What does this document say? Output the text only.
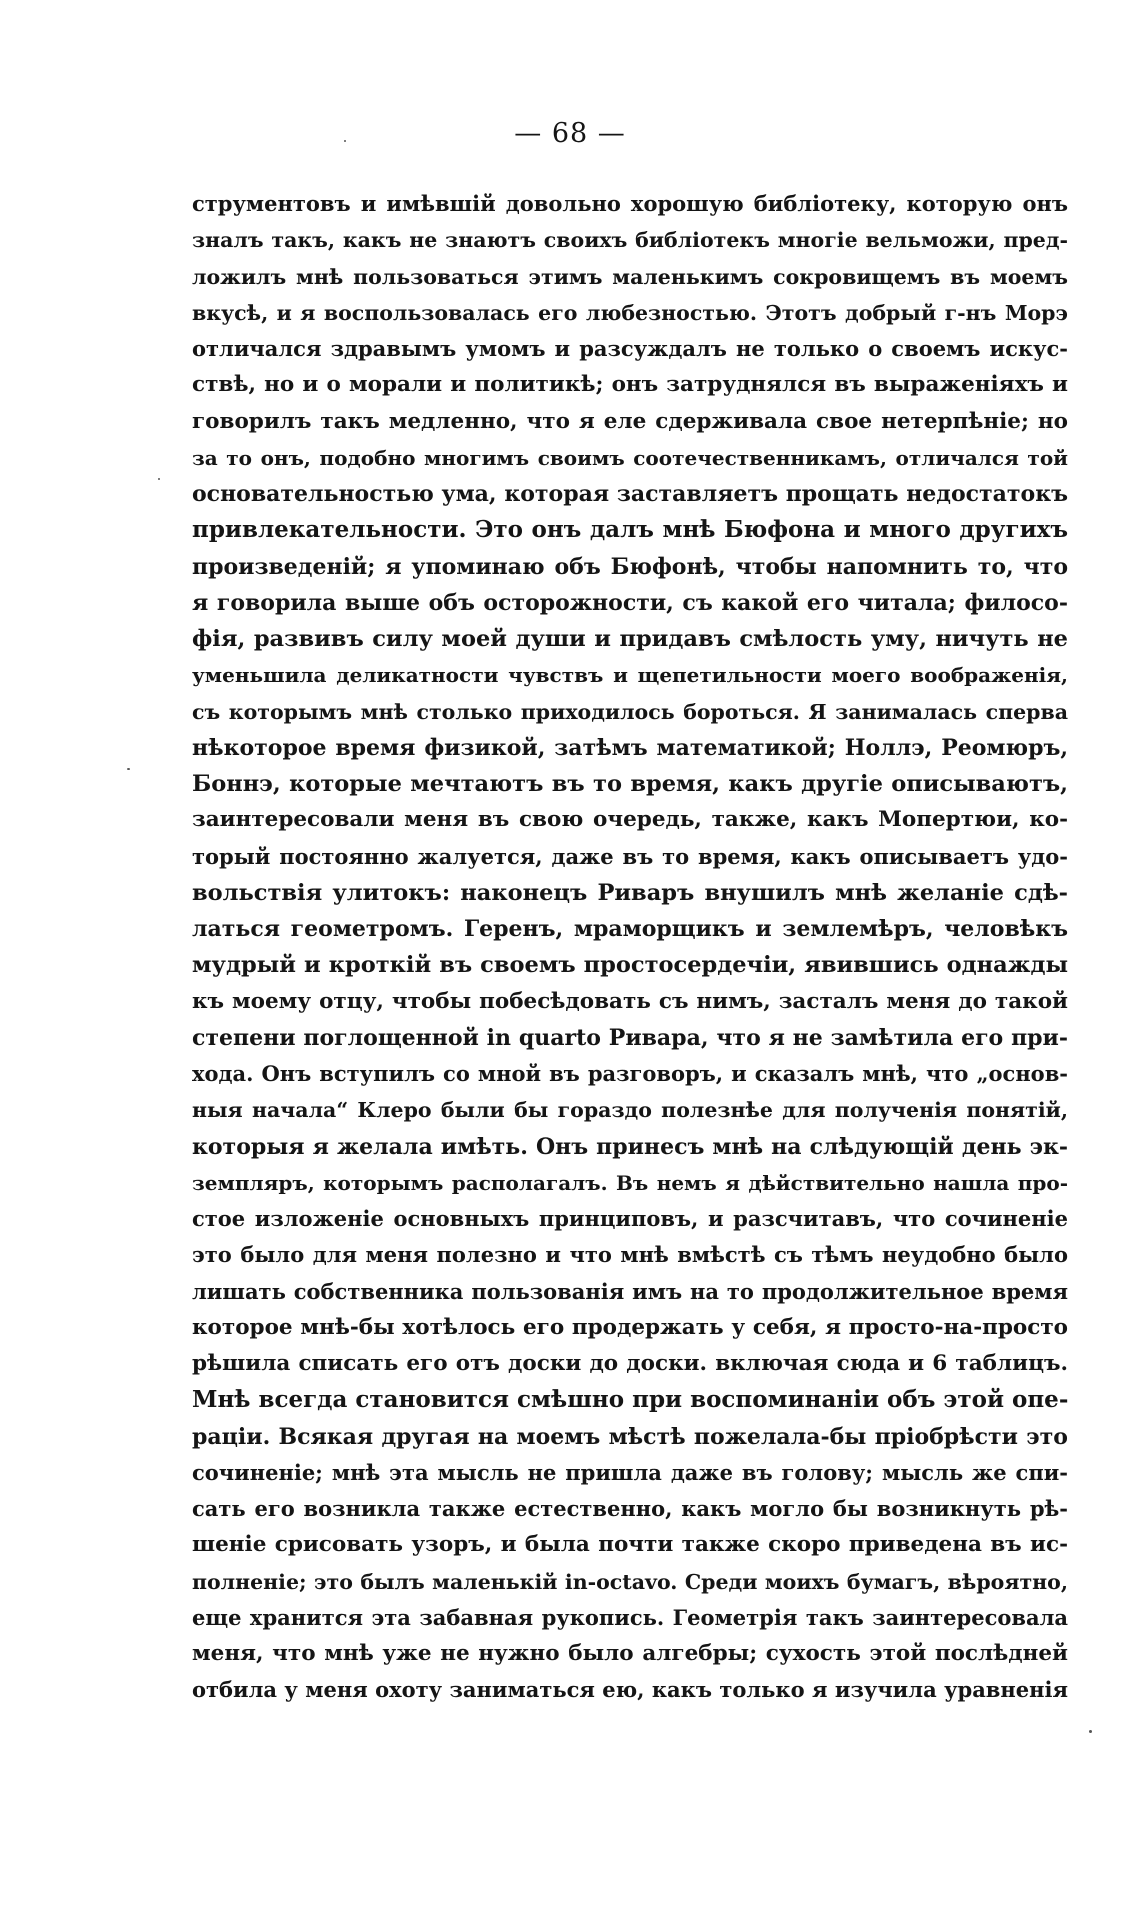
— 68 —
струментовъ и имѣвшій довольно хорошую библіотеку, которую онъ
зналъ такъ, какъ не знаютъ своихъ библіотекъ многіе вельможи, пред-
ложилъ мнѣ пользоваться этимъ маленькимъ сокровищемъ въ моемъ
вкусѣ, и я воспользовалась его любезностью. Этотъ добрый г-нъ Морэ
отличался здравымъ умомъ и разсуждалъ не только о своемъ искус-
ствѣ, но и о морали и политикѣ; онъ затруднялся въ выраженіяхъ и
говорилъ такъ медленно, что я еле сдерживала свое нетерпѣніе; но
за то онъ, подобно многимъ своимъ соотечественникамъ, отличался той
основательностью ума, которая заставляетъ прощать недостатокъ
привлекательности. Это онъ далъ мнѣ Бюфона и много другихъ
произведеній; я упоминаю объ Бюфонѣ, чтобы напомнить то, что
я говорила выше объ осторожности, съ какой его читала; филосо-
фія, развивъ силу моей души и придавъ смѣлость уму, ничуть не
уменьшила деликатности чувствъ и щепетильности моего воображенія,
съ которымъ мнѣ столько приходилось бороться. Я занималась сперва
нѣкоторое время физикой, затѣмъ математикой; Ноллэ, Реомюръ,
Боннэ, которые мечтаютъ въ то время, какъ другіе описываютъ,
заинтересовали меня въ свою очередь, также, какъ Мопертюи, ко-
торый постоянно жалуется, даже въ то время, какъ описываетъ удо-
вольствія улитокъ: наконецъ Риваръ внушилъ мнѣ желаніе сдѣ-
латься геометромъ. Геренъ, мраморщикъ и землемѣръ, человѣкъ
мудрый и кроткій въ своемъ простосердечіи, явившись однажды
къ моему отцу, чтобы побесѣдовать съ нимъ, засталъ меня до такой
степени поглощенной in quarto Ривара, что я не замѣтила его при-
хода. Онъ вступилъ со мной въ разговоръ, и сказалъ мнѣ, что „основ-
ныя начала“ Клеро были бы гораздо полезнѣе для полученія понятій,
которыя я желала имѣть. Онъ принесъ мнѣ на слѣдующій день эк-
земпляръ, которымъ располагалъ. Въ немъ я дѣйствительно нашла про-
стое изложеніе основныхъ принциповъ, и разсчитавъ, что сочиненіе
это было для меня полезно и что мнѣ вмѣстѣ съ тѣмъ неудобно было
лишать собственника пользованія имъ на то продолжительное время
которое мнѣ-бы хотѣлось его продержать у себя, я просто-на-просто
рѣшила списать его отъ доски до доски. включая сюда и 6 таблицъ.
Мнѣ всегда становится смѣшно при воспоминаніи объ этой опе-
раціи. Всякая другая на моемъ мѣстѣ пожелала-бы пріобрѣсти это
сочиненіе; мнѣ эта мысль не пришла даже въ голову; мысль же спи-
сать его возникла также естественно, какъ могло бы возникнуть рѣ-
шеніе срисовать узоръ, и была почти также скоро приведена въ ис-
полненіе; это былъ маленькій in-octavo. Среди моихъ бумагъ, вѣроятно,
еще хранится эта забавная рукопись. Геометрія такъ заинтересовала
меня, что мнѣ уже не нужно было алгебры; сухость этой послѣдней
отбила у меня охоту заниматься ею, какъ только я изучила уравненія
